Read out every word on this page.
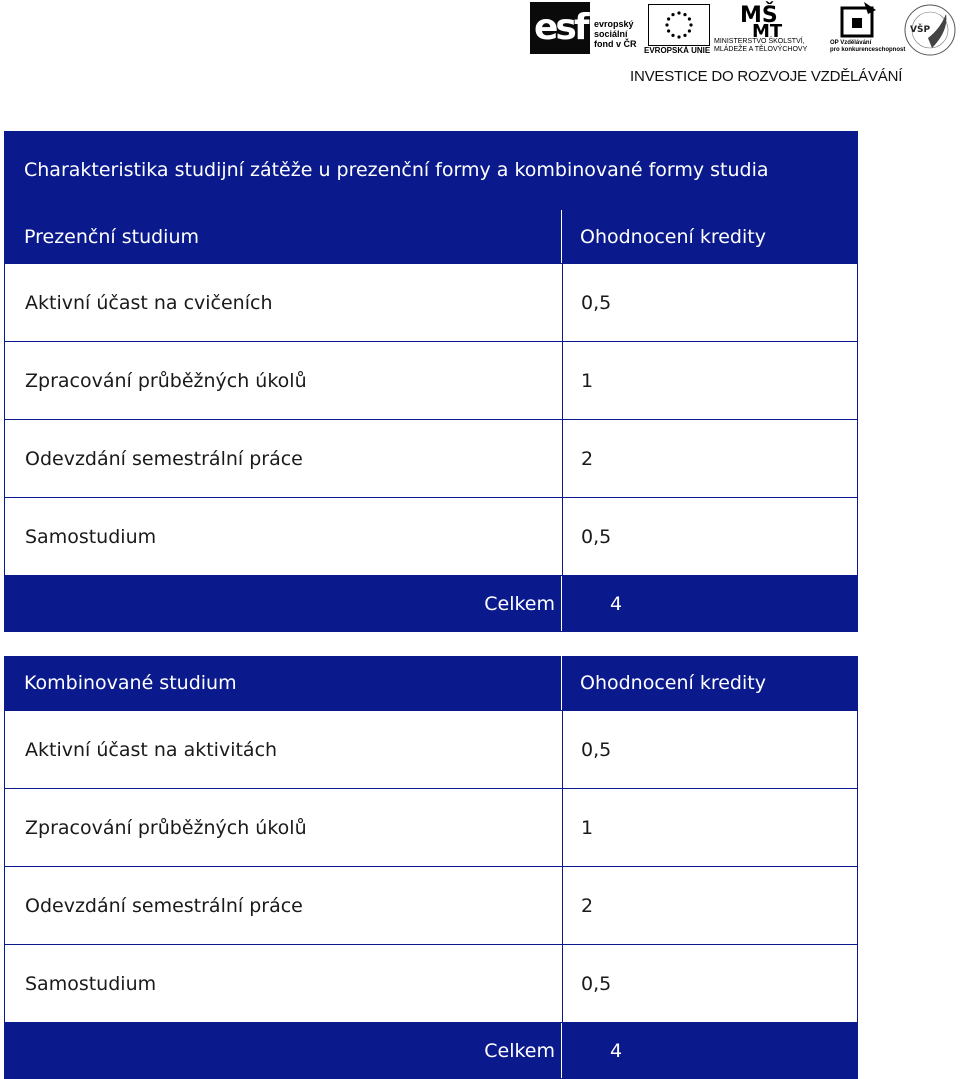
esf evropský
sociální
fond v ČR
EVROPSKÁ UNIE
MŠ
MT
MINISTERSTVO ŠKOLSTVÍ,
MLÁDEŽE A TĚLOVÝCHOVY
OP Vzdělávání
pro konkurenceschopnost
VŠP
INVESTICE DO ROZVOJE VZDĚLÁVÁNÍ
Charakteristika studijní zátěže u prezenční formy a kombinované formy studia
Prezenční studium	Ohodnocení kredity
Aktivní účast na cvičeních	0,5
Zpracování průběžných úkolů	1
Odevzdání semestrální práce	2
Samostudium	0,5
Celkem	4
Kombinované studium	Ohodnocení kredity
Aktivní účast na aktivitách	0,5
Zpracování průběžných úkolů	1
Odevzdání semestrální práce	2
Samostudium	0,5
Celkem	4
